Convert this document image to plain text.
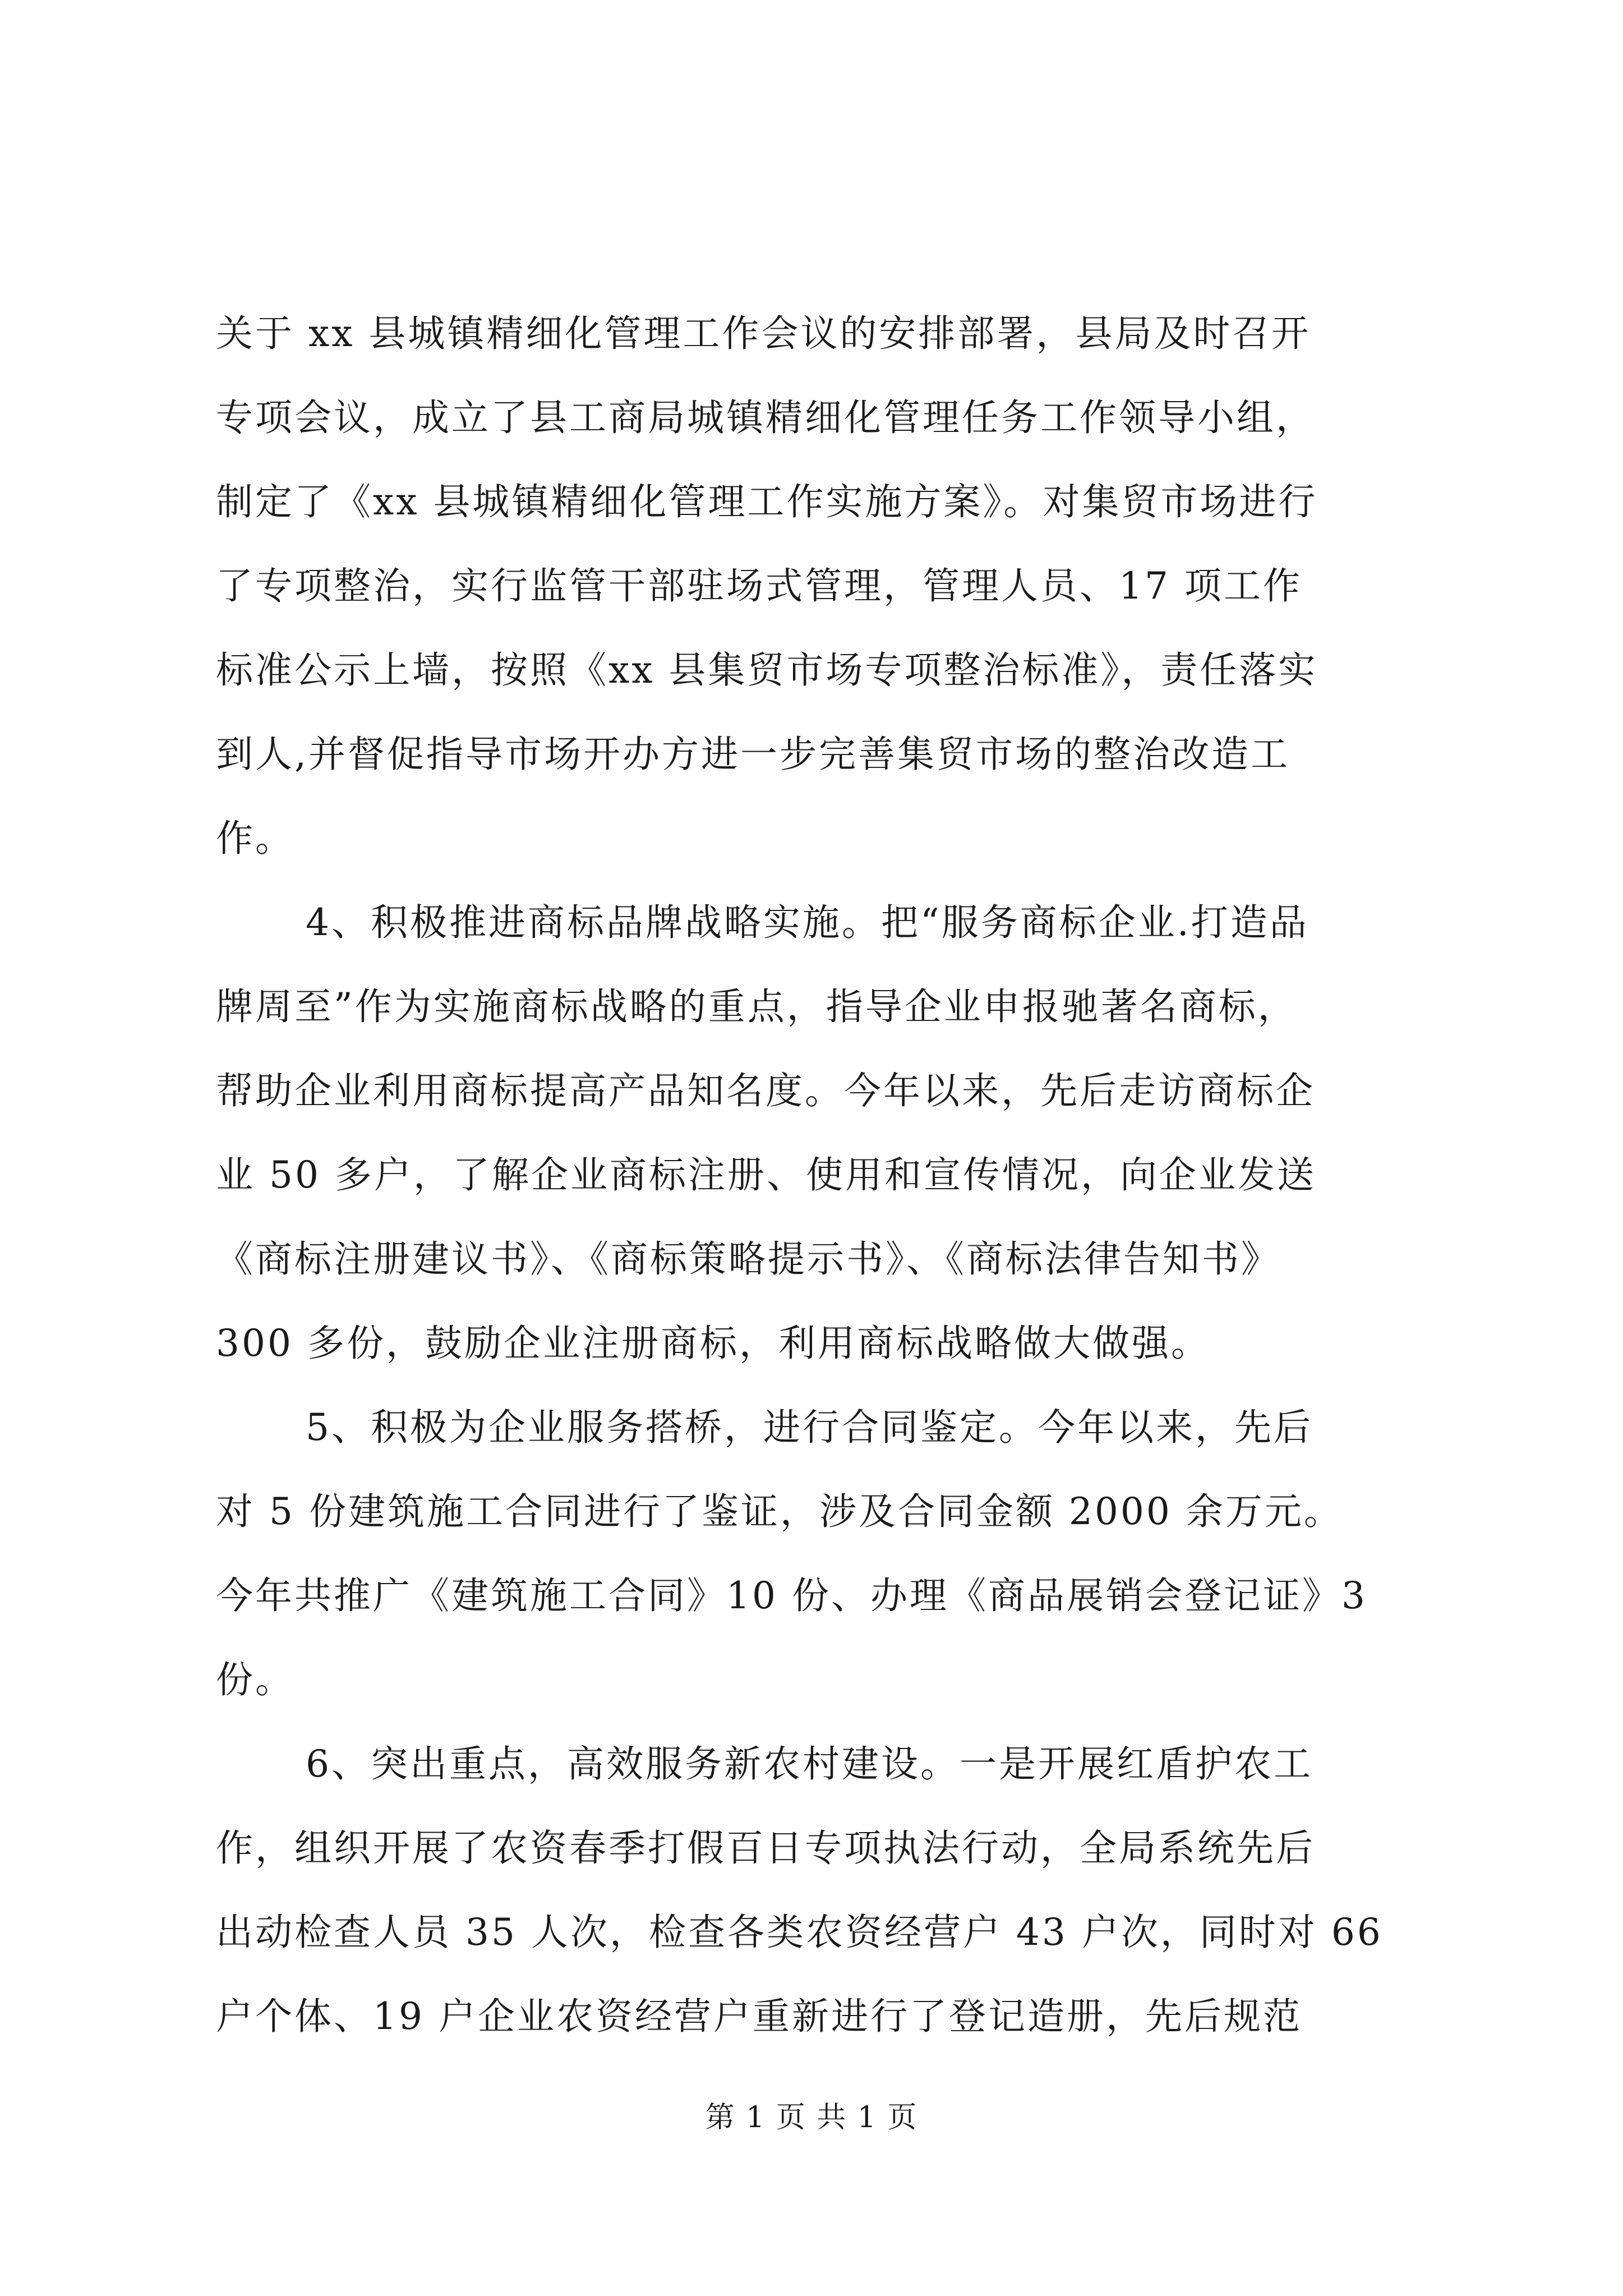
关于 xx 县城镇精细化管理工作会议的安排部署，县局及时召开
专项会议，成立了县工商局城镇精细化管理任务工作领导小组，
制定了《xx 县城镇精细化管理工作实施方案》。对集贸市场进行
了专项整治，实行监管干部驻场式管理，管理人员、17 项工作
标准公示上墙，按照《xx 县集贸市场专项整治标准》，责任落实
到人,并督促指导市场开办方进一步完善集贸市场的整治改造工
作。
4、积极推进商标品牌战略实施。把“服务商标企业.打造品
牌周至”作为实施商标战略的重点，指导企业申报驰著名商标，
帮助企业利用商标提高产品知名度。今年以来，先后走访商标企
业 50 多户，了解企业商标注册、使用和宣传情况，向企业发送
《商标注册建议书》、《商标策略提示书》、《商标法律告知书》
300 多份，鼓励企业注册商标，利用商标战略做大做强。
5、积极为企业服务搭桥，进行合同鉴定。今年以来，先后
对 5 份建筑施工合同进行了鉴证，涉及合同金额 2000 余万元。
今年共推广《建筑施工合同》10 份、办理《商品展销会登记证》3
份。
6、突出重点，高效服务新农村建设。一是开展红盾护农工
作，组织开展了农资春季打假百日专项执法行动，全局系统先后
出动检查人员 35 人次，检查各类农资经营户 43 户次，同时对 66
户个体、19 户企业农资经营户重新进行了登记造册，先后规范
第 1 页 共 1 页
